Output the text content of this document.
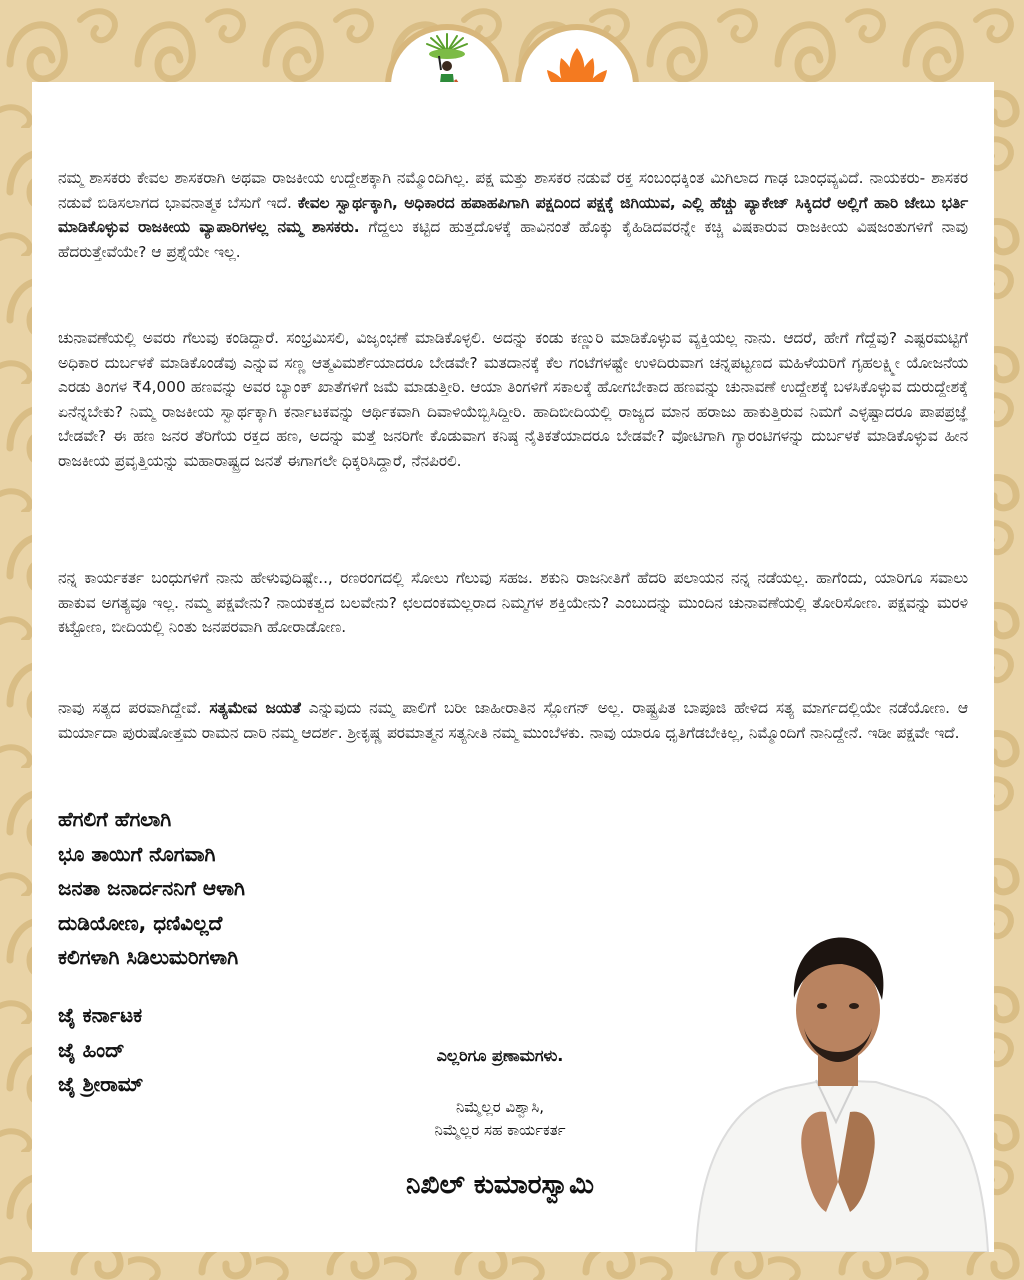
ನಮ್ಮ ಶಾಸಕರು ಕೇವಲ ಶಾಸಕರಾಗಿ ಅಥವಾ ರಾಜಕೀಯ ಉದ್ದೇಶಕ್ಕಾಗಿ ನಮ್ಮೊಂದಿಗಿಲ್ಲ. ಪಕ್ಷ ಮತ್ತು ಶಾಸಕರ ನಡುವೆ ರಕ್ತ ಸಂಬಂಧಕ್ಕಿಂತ ಮಿಗಿಲಾದ ಗಾಢ ಬಾಂಧವ್ಯವಿದೆ. ನಾಯಕರು- ಶಾಸಕರ ನಡುವೆ ಬಿಡಿಸಲಾಗದ ಭಾವನಾತ್ಮಕ ಬೆಸುಗೆ ಇದೆ. ಕೇವಲ ಸ್ವಾರ್ಥಕ್ಕಾಗಿ, ಅಧಿಕಾರದ ಹಪಾಹಪಿಗಾಗಿ ಪಕ್ಷದಿಂದ ಪಕ್ಷಕ್ಕೆ ಜಿಗಿಯುವ, ಎಲ್ಲಿ ಹೆಚ್ಚು ಪ್ಯಾಕೇಜ್ ಸಿಕ್ಕಿದರೆ ಅಲ್ಲಿಗೆ ಹಾರಿ ಜೇಬು ಭರ್ತಿ ಮಾಡಿಕೊಳ್ಳುವ ರಾಜಕೀಯ ವ್ಯಾಪಾರಿಗಳಲ್ಲ ನಮ್ಮ ಶಾಸಕರು. ಗೆದ್ದಲು ಕಟ್ಟಿದ ಹುತ್ತದೊಳಕ್ಕೆ ಹಾವಿನಂತೆ ಹೊಕ್ಕು ಕೈಹಿಡಿದವರನ್ನೇ ಕಚ್ಚಿ ವಿಷಕಾರುವ ರಾಜಕೀಯ ವಿಷಜಂತುಗಳಿಗೆ ನಾವು ಹೆದರುತ್ತೇವೆಯೇ? ಆ ಪ್ರಶ್ನೆಯೇ ಇಲ್ಲ.

ಚುನಾವಣೆಯಲ್ಲಿ ಅವರು ಗೆಲುವು ಕಂಡಿದ್ದಾರೆ. ಸಂಭ್ರಮಿಸಲಿ, ವಿಜೃಂಭಣೆ ಮಾಡಿಕೊಳ್ಳಲಿ. ಅದನ್ನು ಕಂಡು ಕಣ್ಣುರಿ ಮಾಡಿಕೊಳ್ಳುವ ವ್ಯಕ್ತಿಯಲ್ಲ ನಾನು. ಆದರೆ, ಹೇಗೆ ಗೆದ್ದೆವು? ಎಷ್ಟರಮಟ್ಟಿಗೆ ಅಧಿಕಾರ ದುರ್ಬಳಕೆ ಮಾಡಿಕೊಂಡೆವು ಎನ್ನುವ ಸಣ್ಣ ಆತ್ಮವಿಮರ್ಶೆಯಾದರೂ ಬೇಡವೇ? ಮತದಾನಕ್ಕೆ ಕೆಲ ಗಂಟೆಗಳಷ್ಟೇ ಉಳಿದಿರುವಾಗ ಚನ್ನಪಟ್ಟಣದ ಮಹಿಳೆಯರಿಗೆ ಗೃಹಲಕ್ಷ್ಮೀ ಯೋಜನೆಯ ಎರಡು ತಿಂಗಳ ₹4,000 ಹಣವನ್ನು ಅವರ ಬ್ಯಾಂಕ್ ಖಾತೆಗಳಿಗೆ ಜಮೆ ಮಾಡುತ್ತೀರಿ. ಆಯಾ ತಿಂಗಳಿಗೆ ಸಕಾಲಕ್ಕೆ ಹೋಗಬೇಕಾದ ಹಣವನ್ನು ಚುನಾವಣೆ ಉದ್ದೇಶಕ್ಕೆ ಬಳಸಿಕೊಳ್ಳುವ ದುರುದ್ದೇಶಕ್ಕೆ ಏನೆನ್ನಬೇಕು? ನಿಮ್ಮ ರಾಜಕೀಯ ಸ್ವಾರ್ಥಕ್ಕಾಗಿ ಕರ್ನಾಟಕವನ್ನು ಆರ್ಥಿಕವಾಗಿ ದಿವಾಳಿಯೆಬ್ಬಿಸಿದ್ದೀರಿ. ಹಾದಿಬೀದಿಯಲ್ಲಿ ರಾಜ್ಯದ ಮಾನ ಹರಾಜು ಹಾಕುತ್ತಿರುವ ನಿಮಗೆ ಎಳ್ಳಷ್ಟಾದರೂ ಪಾಪಪ್ರಜ್ಞೆ ಬೇಡವೇ? ಈ ಹಣ ಜನರ ತೆರಿಗೆಯ ರಕ್ತದ ಹಣ, ಅದನ್ನು ಮತ್ತೆ ಜನರಿಗೇ ಕೊಡುವಾಗ ಕನಿಷ್ಠ ನೈತಿಕತೆಯಾದರೂ ಬೇಡವೇ? ವೋಟಿಗಾಗಿ ಗ್ಯಾರಂಟಿಗಳನ್ನು ದುರ್ಬಳಕೆ ಮಾಡಿಕೊಳ್ಳುವ ಹೀನ ರಾಜಕೀಯ ಪ್ರವೃತ್ತಿಯನ್ನು ಮಹಾರಾಷ್ಟ್ರದ ಜನತೆ ಈಗಾಗಲೇ ಧಿಕ್ಕರಿಸಿದ್ದಾರೆ, ನೆನಪಿರಲಿ.

ನನ್ನ ಕಾರ್ಯಕರ್ತ ಬಂಧುಗಳಿಗೆ ನಾನು ಹೇಳುವುದಿಷ್ಟೇ.., ರಣರಂಗದಲ್ಲಿ ಸೋಲು ಗೆಲುವು ಸಹಜ. ಶಕುನಿ ರಾಜನೀತಿಗೆ ಹೆದರಿ ಪಲಾಯನ ನನ್ನ ನಡೆಯಲ್ಲ. ಹಾಗೆಂದು, ಯಾರಿಗೂ ಸವಾಲು ಹಾಕುವ ಅಗತ್ಯವೂ ಇಲ್ಲ. ನಮ್ಮ ಪಕ್ಷವೇನು? ನಾಯಕತ್ವದ ಬಲವೇನು? ಛಲದಂಕಮಲ್ಲರಾದ ನಿಮ್ಮಗಳ ಶಕ್ತಿಯೇನು? ಎಂಬುದನ್ನು ಮುಂದಿನ ಚುನಾವಣೆಯಲ್ಲಿ ತೋರಿಸೋಣ. ಪಕ್ಷವನ್ನು ಮರಳಿ ಕಟ್ಟೋಣ, ಬೀದಿಯಲ್ಲಿ ನಿಂತು ಜನಪರವಾಗಿ ಹೋರಾಡೋಣ.

ನಾವು ಸತ್ಯದ ಪರವಾಗಿದ್ದೇವೆ. ಸತ್ಯಮೇವ ಜಯತೆ ಎನ್ನುವುದು ನಮ್ಮ ಪಾಲಿಗೆ ಬರೀ ಜಾಹೀರಾತಿನ ಸ್ಲೋಗನ್ ಅಲ್ಲ. ರಾಷ್ಟ್ರಪಿತ ಬಾಪೂಜಿ ಹೇಳಿದ ಸತ್ಯ ಮಾರ್ಗದಲ್ಲಿಯೇ ನಡೆಯೋಣ. ಆ ಮರ್ಯಾದಾ ಪುರುಷೋತ್ತಮ ರಾಮನ ದಾರಿ ನಮ್ಮ ಆದರ್ಶ. ಶ್ರೀಕೃಷ್ಣ ಪರಮಾತ್ಮನ ಸತ್ಯನೀತಿ ನಮ್ಮ ಮುಂಬೆಳಕು. ನಾವು ಯಾರೂ ಧೃತಿಗೆಡಬೇಕಿಲ್ಲ, ನಿಮ್ಮೊಂದಿಗೆ ನಾನಿದ್ದೇನೆ. ಇಡೀ ಪಕ್ಷವೇ ಇದೆ.

ಹೆಗಲಿಗೆ ಹೆಗಲಾಗಿ
ಭೂ ತಾಯಿಗೆ ನೊಗವಾಗಿ
ಜನತಾ ಜನಾರ್ದನನಿಗೆ ಆಳಾಗಿ
ದುಡಿಯೋಣ, ಧಣಿವಿಲ್ಲದೆ
ಕಲಿಗಳಾಗಿ ಸಿಡಿಲುಮರಿಗಳಾಗಿ
ಜೈ ಕರ್ನಾಟಕ
ಜೈ ಹಿಂದ್
ಜೈ ಶ್ರೀರಾಮ್
ಎಲ್ಲರಿಗೂ ಪ್ರಣಾಮಗಳು.
ನಿಮ್ಮೆಲ್ಲರ ವಿಶ್ವಾಸಿ,
ನಿಮ್ಮೆಲ್ಲರ ಸಹ ಕಾರ್ಯಕರ್ತ
ನಿಖಿಲ್ ಕುಮಾರಸ್ವಾಮಿ
